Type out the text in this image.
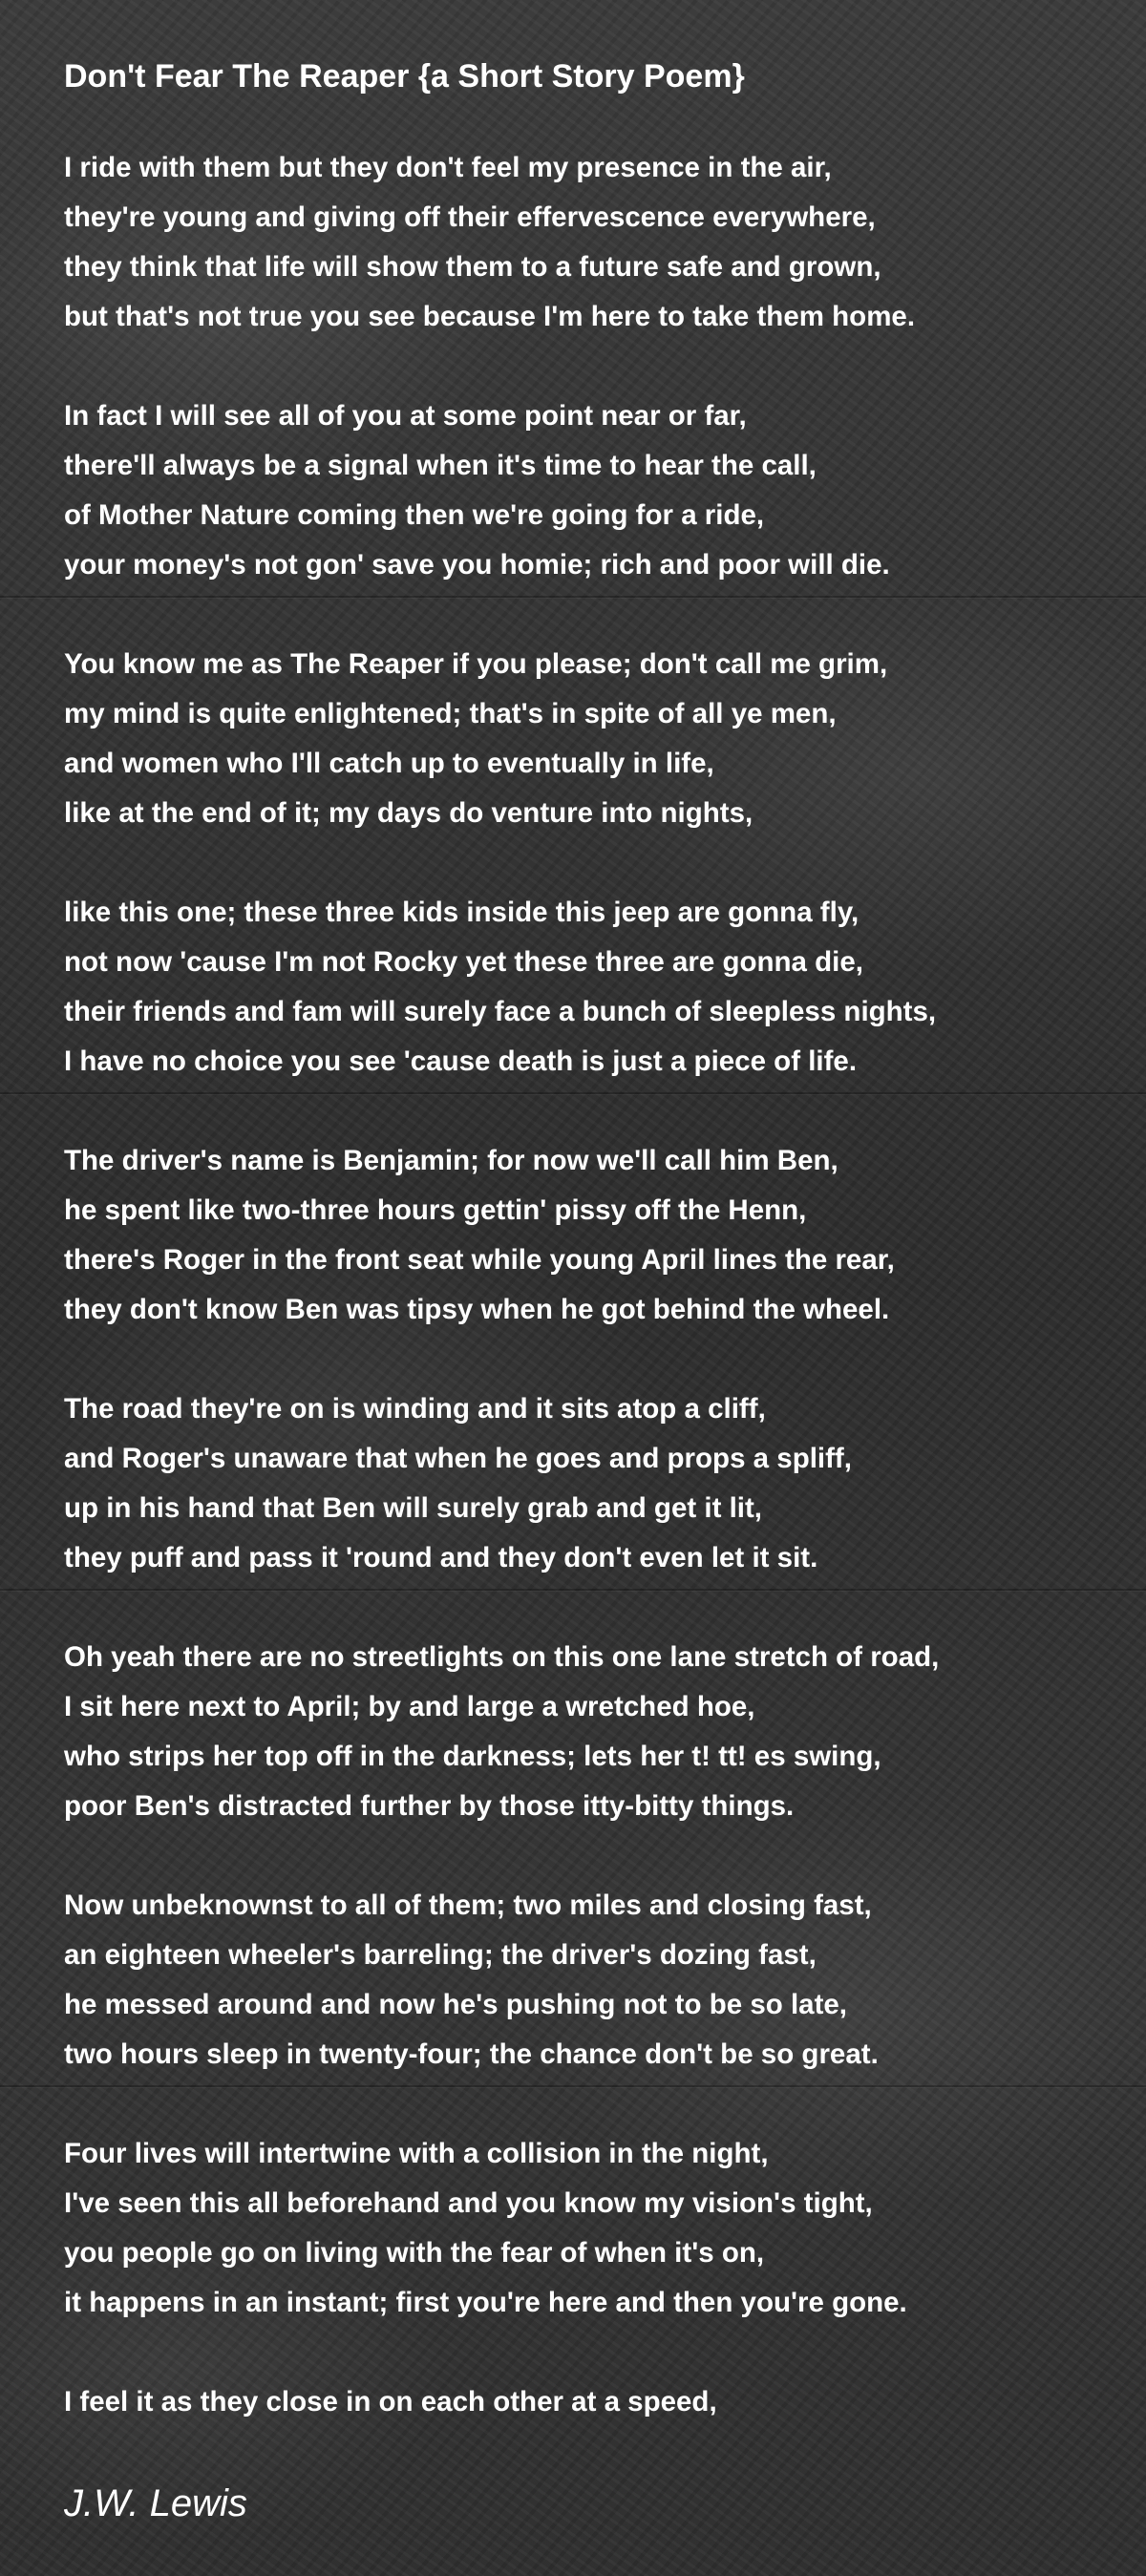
Don't Fear The Reaper {a Short Story Poem}
I ride with them but they don't feel my presence in the air,
they're young and giving off their effervescence everywhere,
they think that life will show them to a future safe and grown,
but that's not true you see because I'm here to take them home.
In fact I will see all of you at some point near or far,
there'll always be a signal when it's time to hear the call,
of Mother Nature coming then we're going for a ride,
your money's not gon' save you homie; rich and poor will die.
You know me as The Reaper if you please; don't call me grim,
my mind is quite enlightened; that's in spite of all ye men,
and women who I'll catch up to eventually in life,
like at the end of it; my days do venture into nights,
like this one; these three kids inside this jeep are gonna fly,
not now 'cause I'm not Rocky yet these three are gonna die,
their friends and fam will surely face a bunch of sleepless nights,
I have no choice you see 'cause death is just a piece of life.
The driver's name is Benjamin; for now we'll call him Ben,
he spent like two-three hours gettin' pissy off the Henn,
there's Roger in the front seat while young April lines the rear,
they don't know Ben was tipsy when he got behind the wheel.
The road they're on is winding and it sits atop a cliff,
and Roger's unaware that when he goes and props a spliff,
up in his hand that Ben will surely grab and get it lit,
they puff and pass it 'round and they don't even let it sit.
Oh yeah there are no streetlights on this one lane stretch of road,
I sit here next to April; by and large a wretched hoe,
who strips her top off in the darkness; lets her t! tt! es swing,
poor Ben's distracted further by those itty-bitty things.
Now unbeknownst to all of them; two miles and closing fast,
an eighteen wheeler's barreling; the driver's dozing fast,
he messed around and now he's pushing not to be so late,
two hours sleep in twenty-four; the chance don't be so great.
Four lives will intertwine with a collision in the night,
I've seen this all beforehand and you know my vision's tight,
you people go on living with the fear of when it's on,
it happens in an instant; first you're here and then you're gone.
I feel it as they close in on each other at a speed,

J.W. Lewis
